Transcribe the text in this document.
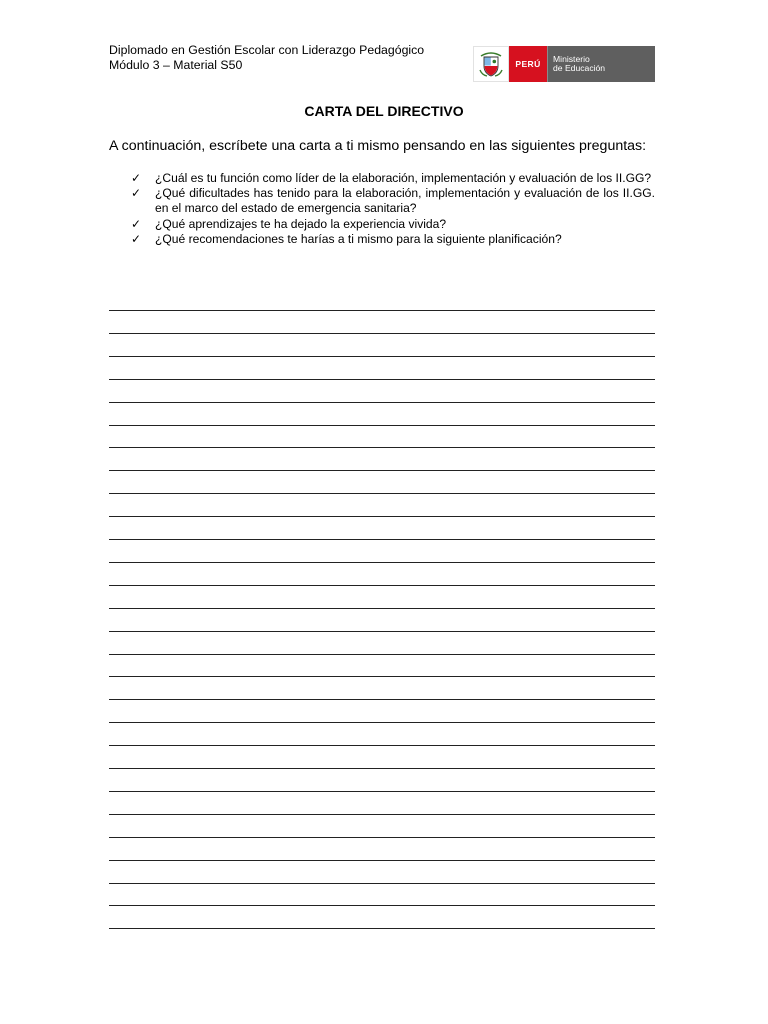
Diplomado en Gestión Escolar con Liderazgo Pedagógico
Módulo 3 – Material S50	PERÚ
Ministerio
de Educación
CARTA DEL DIRECTIVO
A continuación, escríbete una carta a ti mismo pensando en las siguientes preguntas:
✓ ¿Cuál es tu función como líder de la elaboración, implementación y evaluación de los II.GG?
✓ ¿Qué dificultades has tenido para la elaboración, implementación y evaluación de los II.GG. en el marco del estado de emergencia sanitaria?
✓ ¿Qué aprendizajes te ha dejado la experiencia vivida?
✓ ¿Qué recomendaciones te harías a ti mismo para la siguiente planificación?
